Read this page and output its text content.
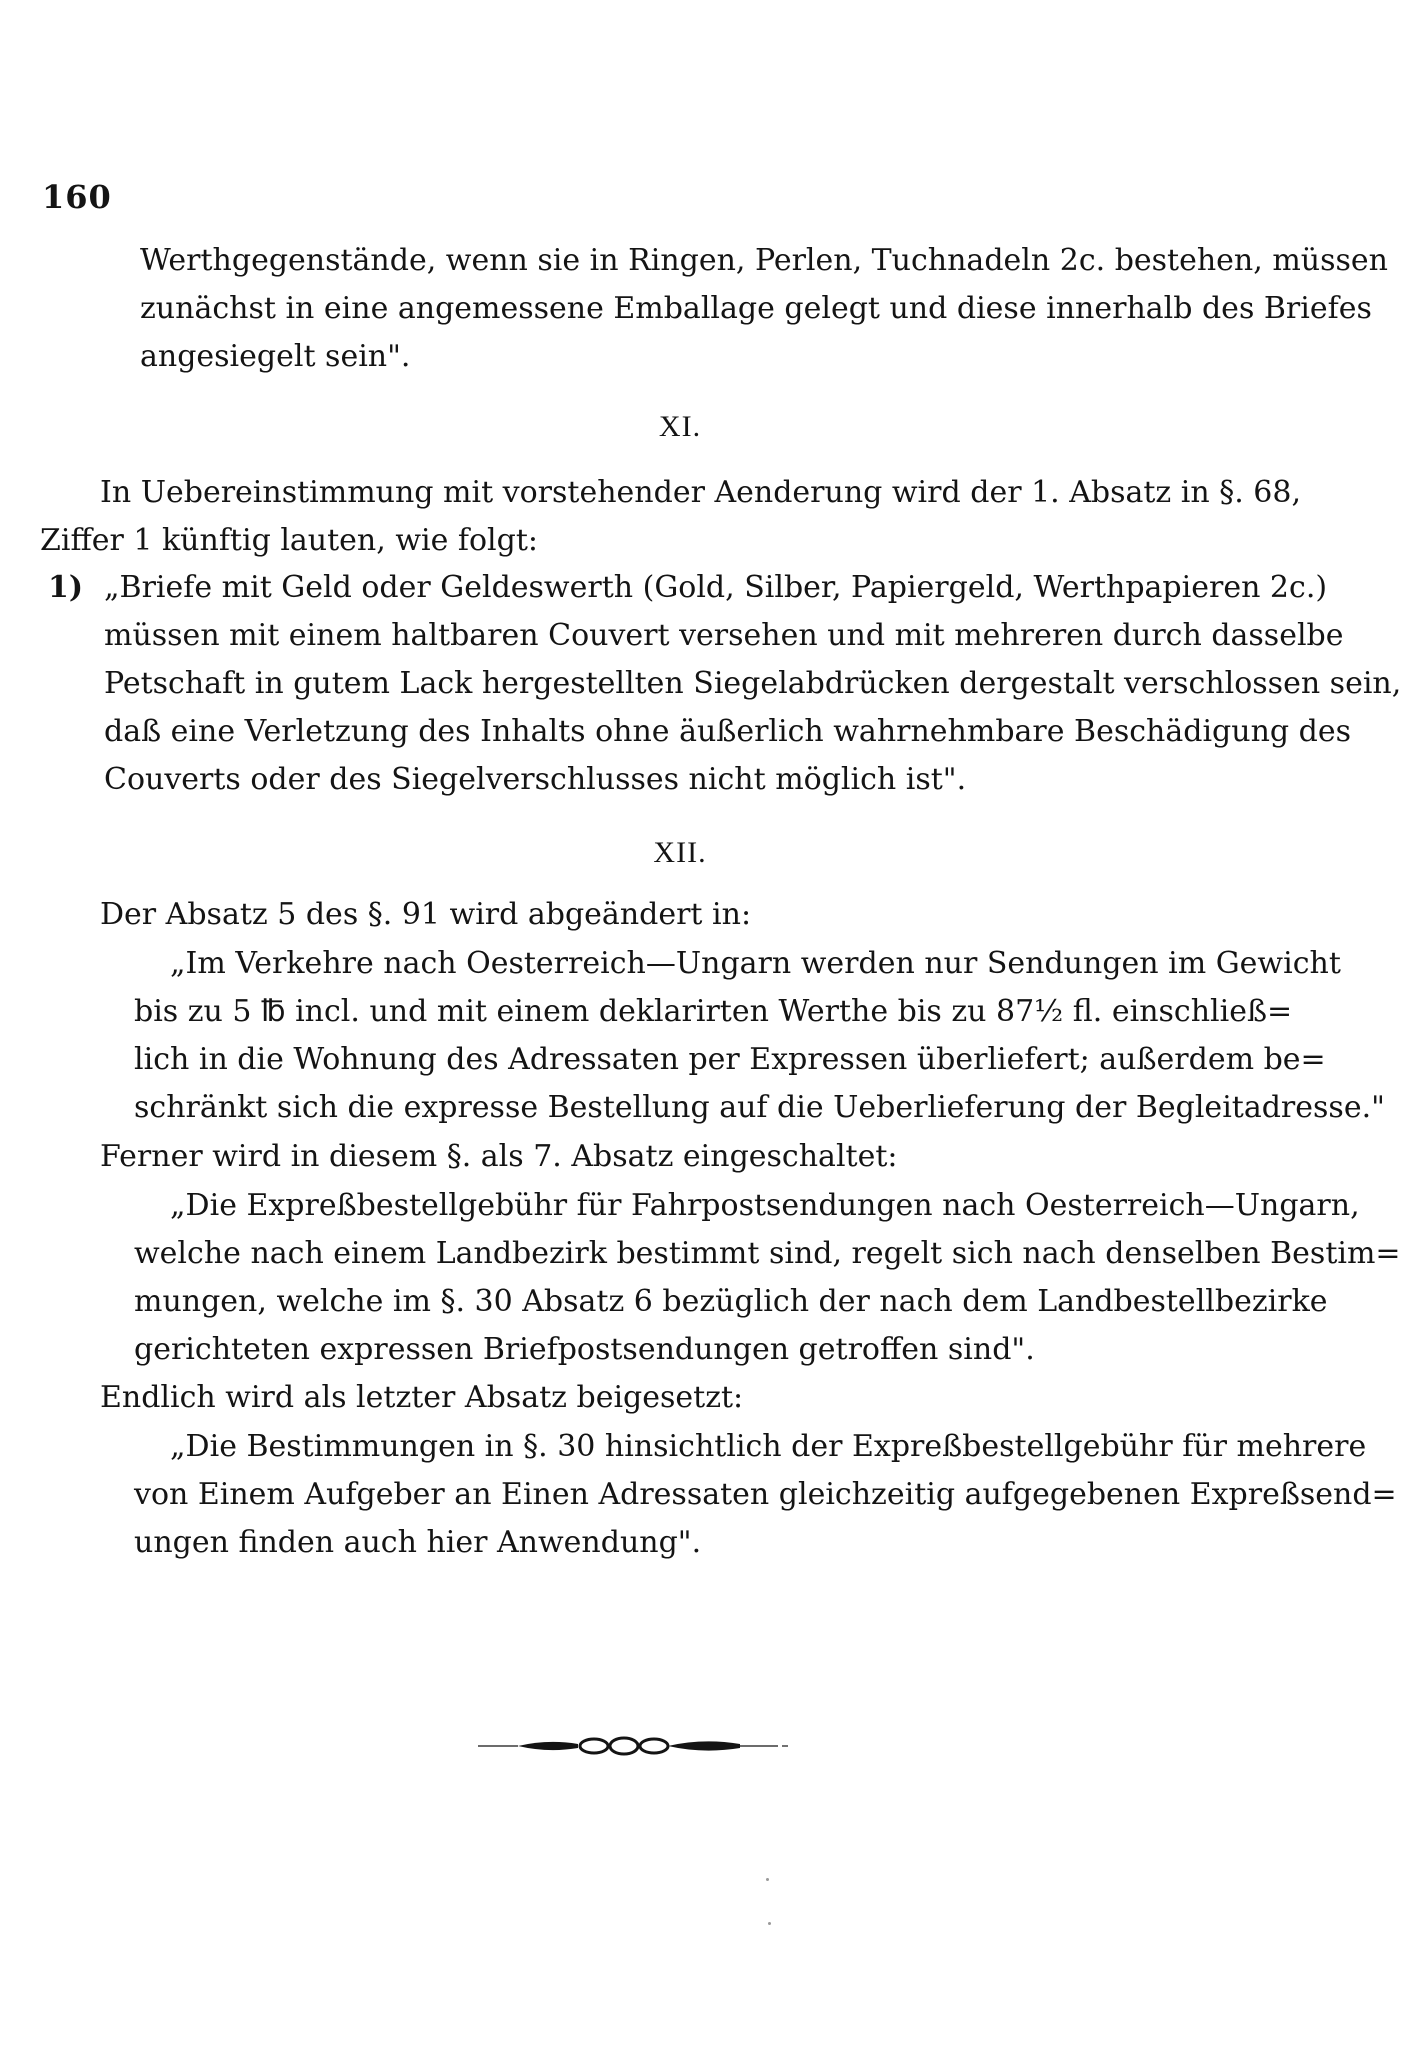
160
Werthgegenstände, wenn sie in Ringen, Perlen, Tuchnadeln 2c. bestehen, müssen
zunächst in eine angemessene Emballage gelegt und diese innerhalb des Briefes
angesiegelt sein".
XI.
In Uebereinstimmung mit vorstehender Aenderung wird der 1. Absatz in §. 68,
Ziffer 1 künftig lauten, wie folgt:
1) „Briefe mit Geld oder Geldeswerth (Gold, Silber, Papiergeld, Werthpapieren 2c.)
müssen mit einem haltbaren Couvert versehen und mit mehreren durch dasselbe
Petschaft in gutem Lack hergestellten Siegelabdrücken dergestalt verschlossen sein,
daß eine Verletzung des Inhalts ohne äußerlich wahrnehmbare Beschädigung des
Couverts oder des Siegelverschlusses nicht möglich ist".
XII.
Der Absatz 5 des §. 91 wird abgeändert in:
„Im Verkehre nach Oesterreich—Ungarn werden nur Sendungen im Gewicht
bis zu 5 ℔ incl. und mit einem deklarirten Werthe bis zu 87½ fl. einschließ=
lich in die Wohnung des Adressaten per Expressen überliefert; außerdem be=
schränkt sich die expresse Bestellung auf die Ueberlieferung der Begleitadresse."
Ferner wird in diesem §. als 7. Absatz eingeschaltet:
„Die Expreßbestellgebühr für Fahrpostsendungen nach Oesterreich—Ungarn,
welche nach einem Landbezirk bestimmt sind, regelt sich nach denselben Bestim=
mungen, welche im §. 30 Absatz 6 bezüglich der nach dem Landbestellbezirke
gerichteten expressen Briefpostsendungen getroffen sind".
Endlich wird als letzter Absatz beigesetzt:
„Die Bestimmungen in §. 30 hinsichtlich der Expreßbestellgebühr für mehrere
von Einem Aufgeber an Einen Adressaten gleichzeitig aufgegebenen Expreßsend=
ungen finden auch hier Anwendung".
